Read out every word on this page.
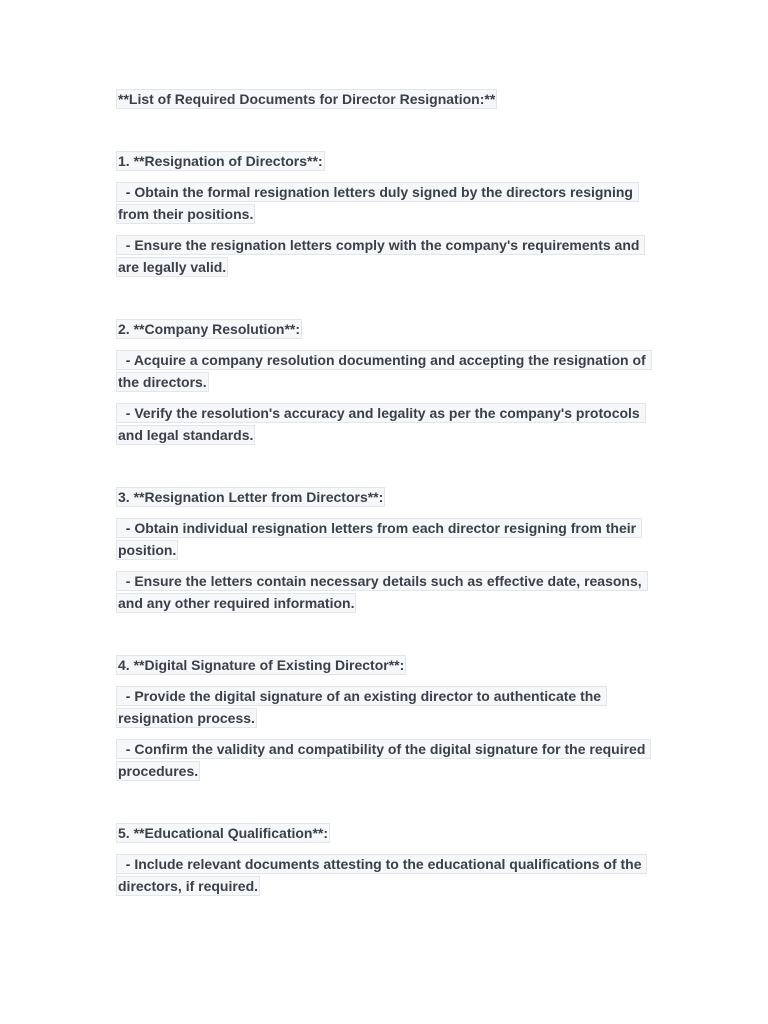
**List of Required Documents for Director Resignation:**
1. **Resignation of Directors**:
- Obtain the formal resignation letters duly signed by the directors resigning from their positions.
- Ensure the resignation letters comply with the company's requirements and are legally valid.
2. **Company Resolution**:
- Acquire a company resolution documenting and accepting the resignation of the directors.
- Verify the resolution's accuracy and legality as per the company's protocols and legal standards.
3. **Resignation Letter from Directors**:
- Obtain individual resignation letters from each director resigning from their position.
- Ensure the letters contain necessary details such as effective date, reasons, and any other required information.
4. **Digital Signature of Existing Director**:
- Provide the digital signature of an existing director to authenticate the resignation process.
- Confirm the validity and compatibility of the digital signature for the required procedures.
5. **Educational Qualification**:
- Include relevant documents attesting to the educational qualifications of the directors, if required.
